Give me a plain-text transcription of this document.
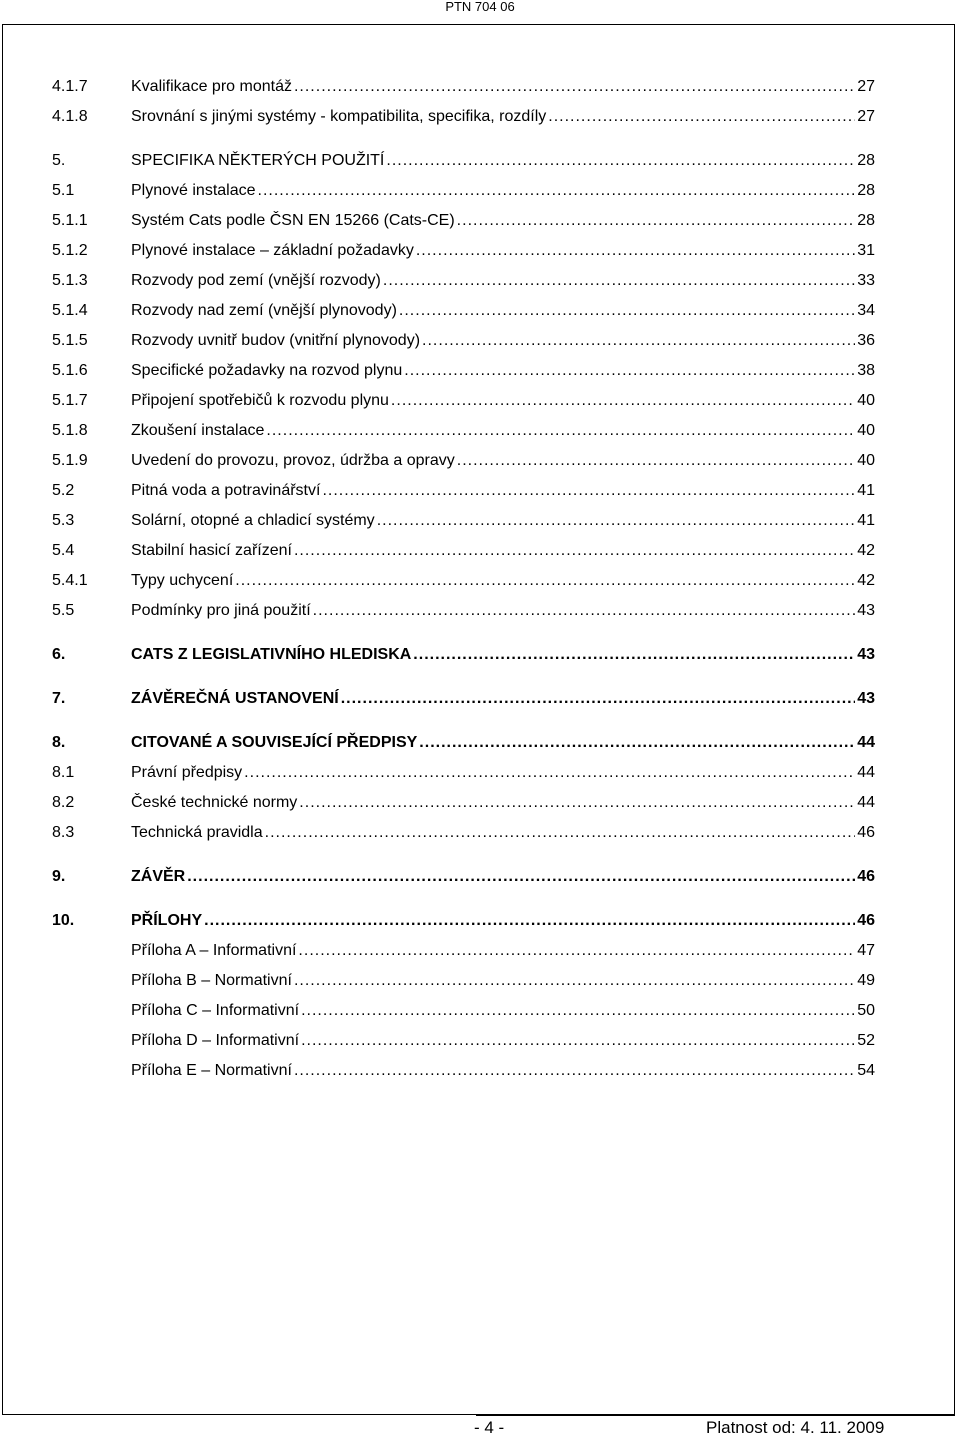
PTN 704 06
4.1.7	Kvalifikace pro montáž .....	27
4.1.8	Srovnání s jinými systémy - kompatibilita, specifika, rozdíly .....	27
5.	SPECIFIKA NĚKTERÝCH POUŽITÍ .....	28
5.1	Plynové instalace .....	28
5.1.1	Systém Cats podle ČSN EN 15266 (Cats-CE) .....	28
5.1.2	Plynové instalace – základní požadavky .....	31
5.1.3	Rozvody pod zemí (vnější rozvody) .....	33
5.1.4	Rozvody nad zemí (vnější plynovody) .....	34
5.1.5	Rozvody uvnitř budov (vnitřní plynovody) .....	36
5.1.6	Specifické požadavky na rozvod plynu .....	38
5.1.7	Připojení spotřebičů k rozvodu plynu .....	40
5.1.8	Zkoušení instalace .....	40
5.1.9	Uvedení do provozu, provoz, údržba a opravy .....	40
5.2	Pitná voda a potravinářství .....	41
5.3	Solární, otopné a chladicí systémy .....	41
5.4	Stabilní hasicí zařízení .....	42
5.4.1	Typy uchycení .....	42
5.5	Podmínky pro jiná použití .....	43
6.	CATS Z LEGISLATIVNÍHO HLEDISKA .....	43
7.	ZÁVĚREČNÁ USTANOVENÍ .....	43
8.	CITOVANÉ A SOUVISEJÍCÍ PŘEDPISY .....	44
8.1	Právní předpisy .....	44
8.2	České technické normy .....	44
8.3	Technická pravidla .....	46
9.	ZÁVĚR .....	46
10.	PŘÍLOHY .....	46
Příloha A – Informativní .....	47
Příloha B – Normativní .....	49
Příloha C – Informativní .....	50
Příloha D – Informativní .....	52
Příloha E – Normativní .....	54
- 4 -	Platnost od: 4. 11. 2009
